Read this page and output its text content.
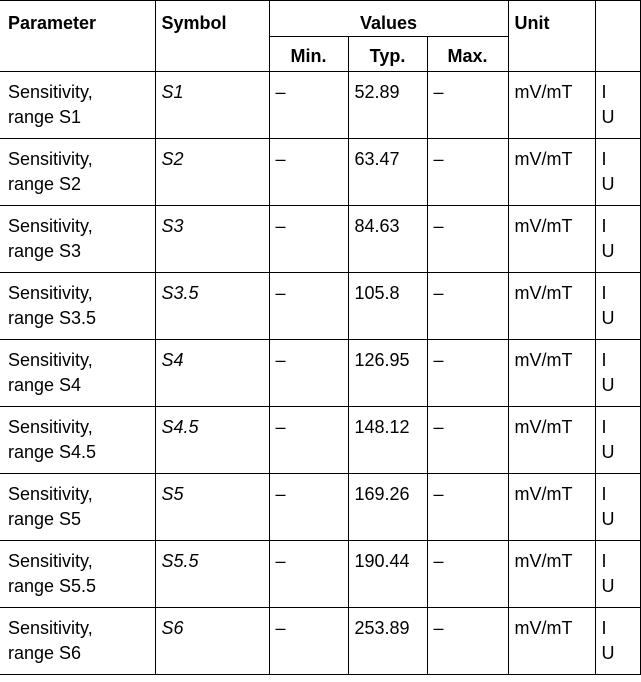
Parameter	Symbol	Values			Unit	
		Min.	Typ.	Max.		

Sensitivity,
range S1	S1	–	52.89	–	mV/mT	I
U

Sensitivity,
range S2	S2	–	63.47	–	mV/mT	I
U

Sensitivity,
range S3	S3	–	84.63	–	mV/mT	I
U

Sensitivity,
range S3.5	S3.5	–	105.8	–	mV/mT	I
U

Sensitivity,
range S4	S4	–	126.95	–	mV/mT	I
U

Sensitivity,
range S4.5	S4.5	–	148.12	–	mV/mT	I
U

Sensitivity,
range S5	S5	–	169.26	–	mV/mT	I
U

Sensitivity,
range S5.5	S5.5	–	190.44	–	mV/mT	I
U

Sensitivity,
range S6	S6	–	253.89	–	mV/mT	I
U
